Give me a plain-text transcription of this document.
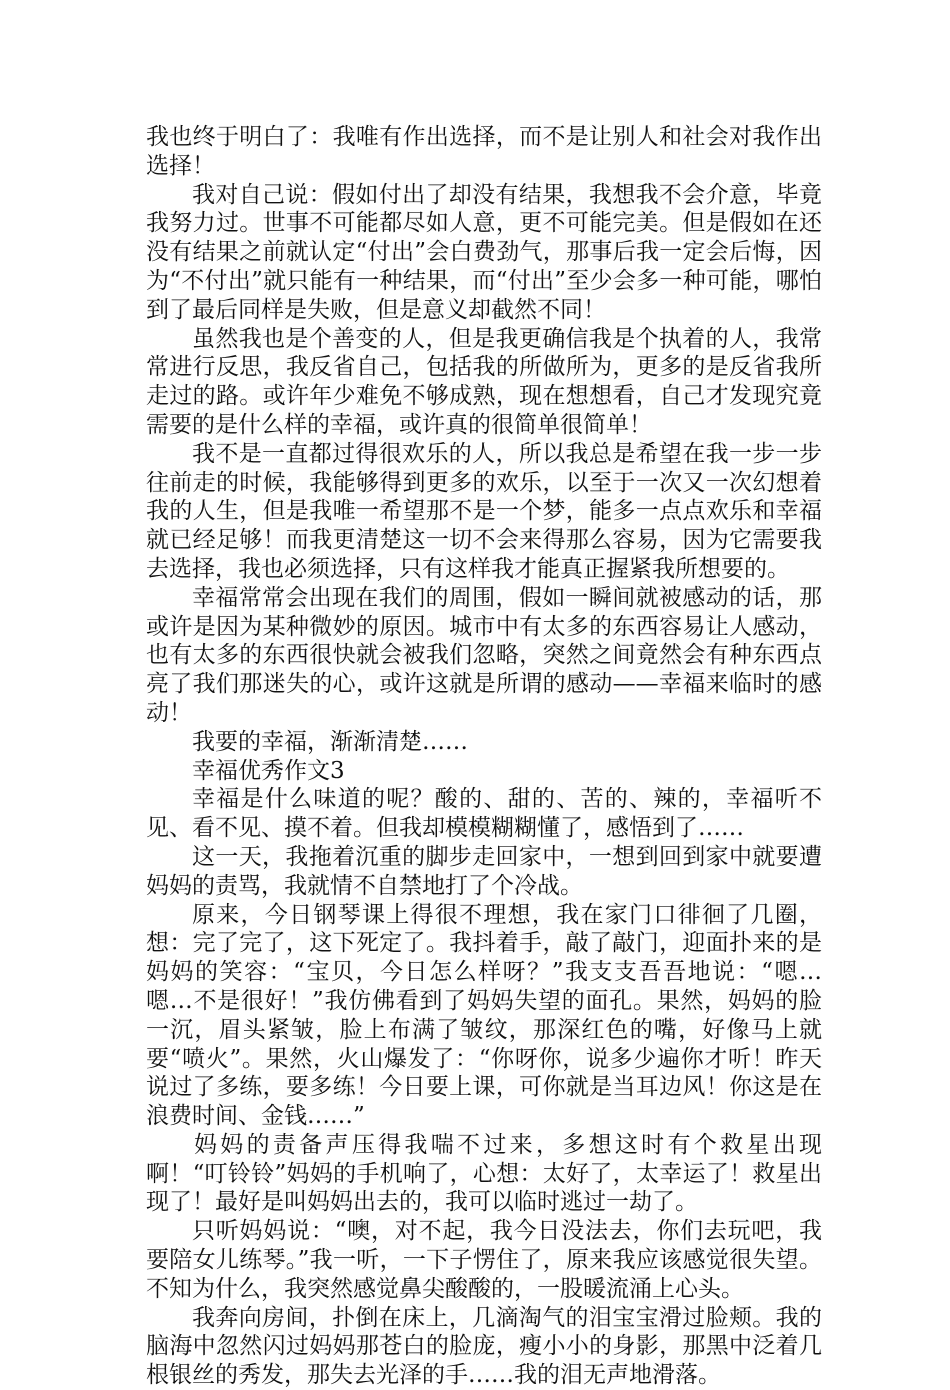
我也终于明白了：我唯有作出选择，而不是让别人和社会对我作出选择！

我对自己说：假如付出了却没有结果，我想我不会介意，毕竟我努力过。世事不可能都尽如人意，更不可能完美。但是假如在还没有结果之前就认定“付出”会白费劲气，那事后我一定会后悔，因为“不付出”就只能有一种结果，而“付出”至少会多一种可能，哪怕到了最后同样是失败，但是意义却截然不同！

虽然我也是个善变的人，但是我更确信我是个执着的人，我常常进行反思，我反省自己，包括我的所做所为，更多的是反省我所走过的路。或许年少难免不够成熟，现在想想看，自己才发现究竟需要的是什么样的幸福，或许真的很简单很简单！

我不是一直都过得很欢乐的人，所以我总是希望在我一步一步往前走的时候，我能够得到更多的欢乐，以至于一次又一次幻想着我的人生，但是我唯一希望那不是一个梦，能多一点点欢乐和幸福就已经足够！而我更清楚这一切不会来得那么容易，因为它需要我去选择，我也必须选择，只有这样我才能真正握紧我所想要的。

幸福常常会出现在我们的周围，假如一瞬间就被感动的话，那或许是因为某种微妙的原因。城市中有太多的东西容易让人感动，也有太多的东西很快就会被我们忽略，突然之间竟然会有种东西点亮了我们那迷失的心，或许这就是所谓的感动——幸福来临时的感动！

我要的幸福，渐渐清楚……

幸福优秀作文3

幸福是什么味道的呢？酸的、甜的、苦的、辣的，幸福听不见、看不见、摸不着。但我却模模糊糊懂了，感悟到了……

这一天，我拖着沉重的脚步走回家中，一想到回到家中就要遭妈妈的责骂，我就情不自禁地打了个冷战。

原来，今日钢琴课上得很不理想，我在家门口徘徊了几圈，想：完了完了，这下死定了。我抖着手，敲了敲门，迎面扑来的是妈妈的笑容：“宝贝，今日怎么样呀？”我支支吾吾地说：“嗯…嗯…不是很好！”我仿佛看到了妈妈失望的面孔。果然，妈妈的脸一沉，眉头紧皱，脸上布满了皱纹，那深红色的嘴，好像马上就要“喷火”。果然，火山爆发了：“你呀你，说多少遍你才听！昨天说过了多练，要多练！今日要上课，可你就是当耳边风！你这是在浪费时间、金钱……”

妈妈的责备声压得我喘不过来，多想这时有个救星出现啊！“叮铃铃”妈妈的手机响了，心想：太好了，太幸运了！救星出现了！最好是叫妈妈出去的，我可以临时逃过一劫了。

只听妈妈说：“噢，对不起，我今日没法去，你们去玩吧，我要陪女儿练琴。”我一听，一下子愣住了，原来我应该感觉很失望。不知为什么，我突然感觉鼻尖酸酸的，一股暖流涌上心头。

我奔向房间，扑倒在床上，几滴淘气的泪宝宝滑过脸颊。我的脑海中忽然闪过妈妈那苍白的脸庞，瘦小小的身影，那黑中泛着几根银丝的秀发，那失去光泽的手……我的泪无声地滑落。
